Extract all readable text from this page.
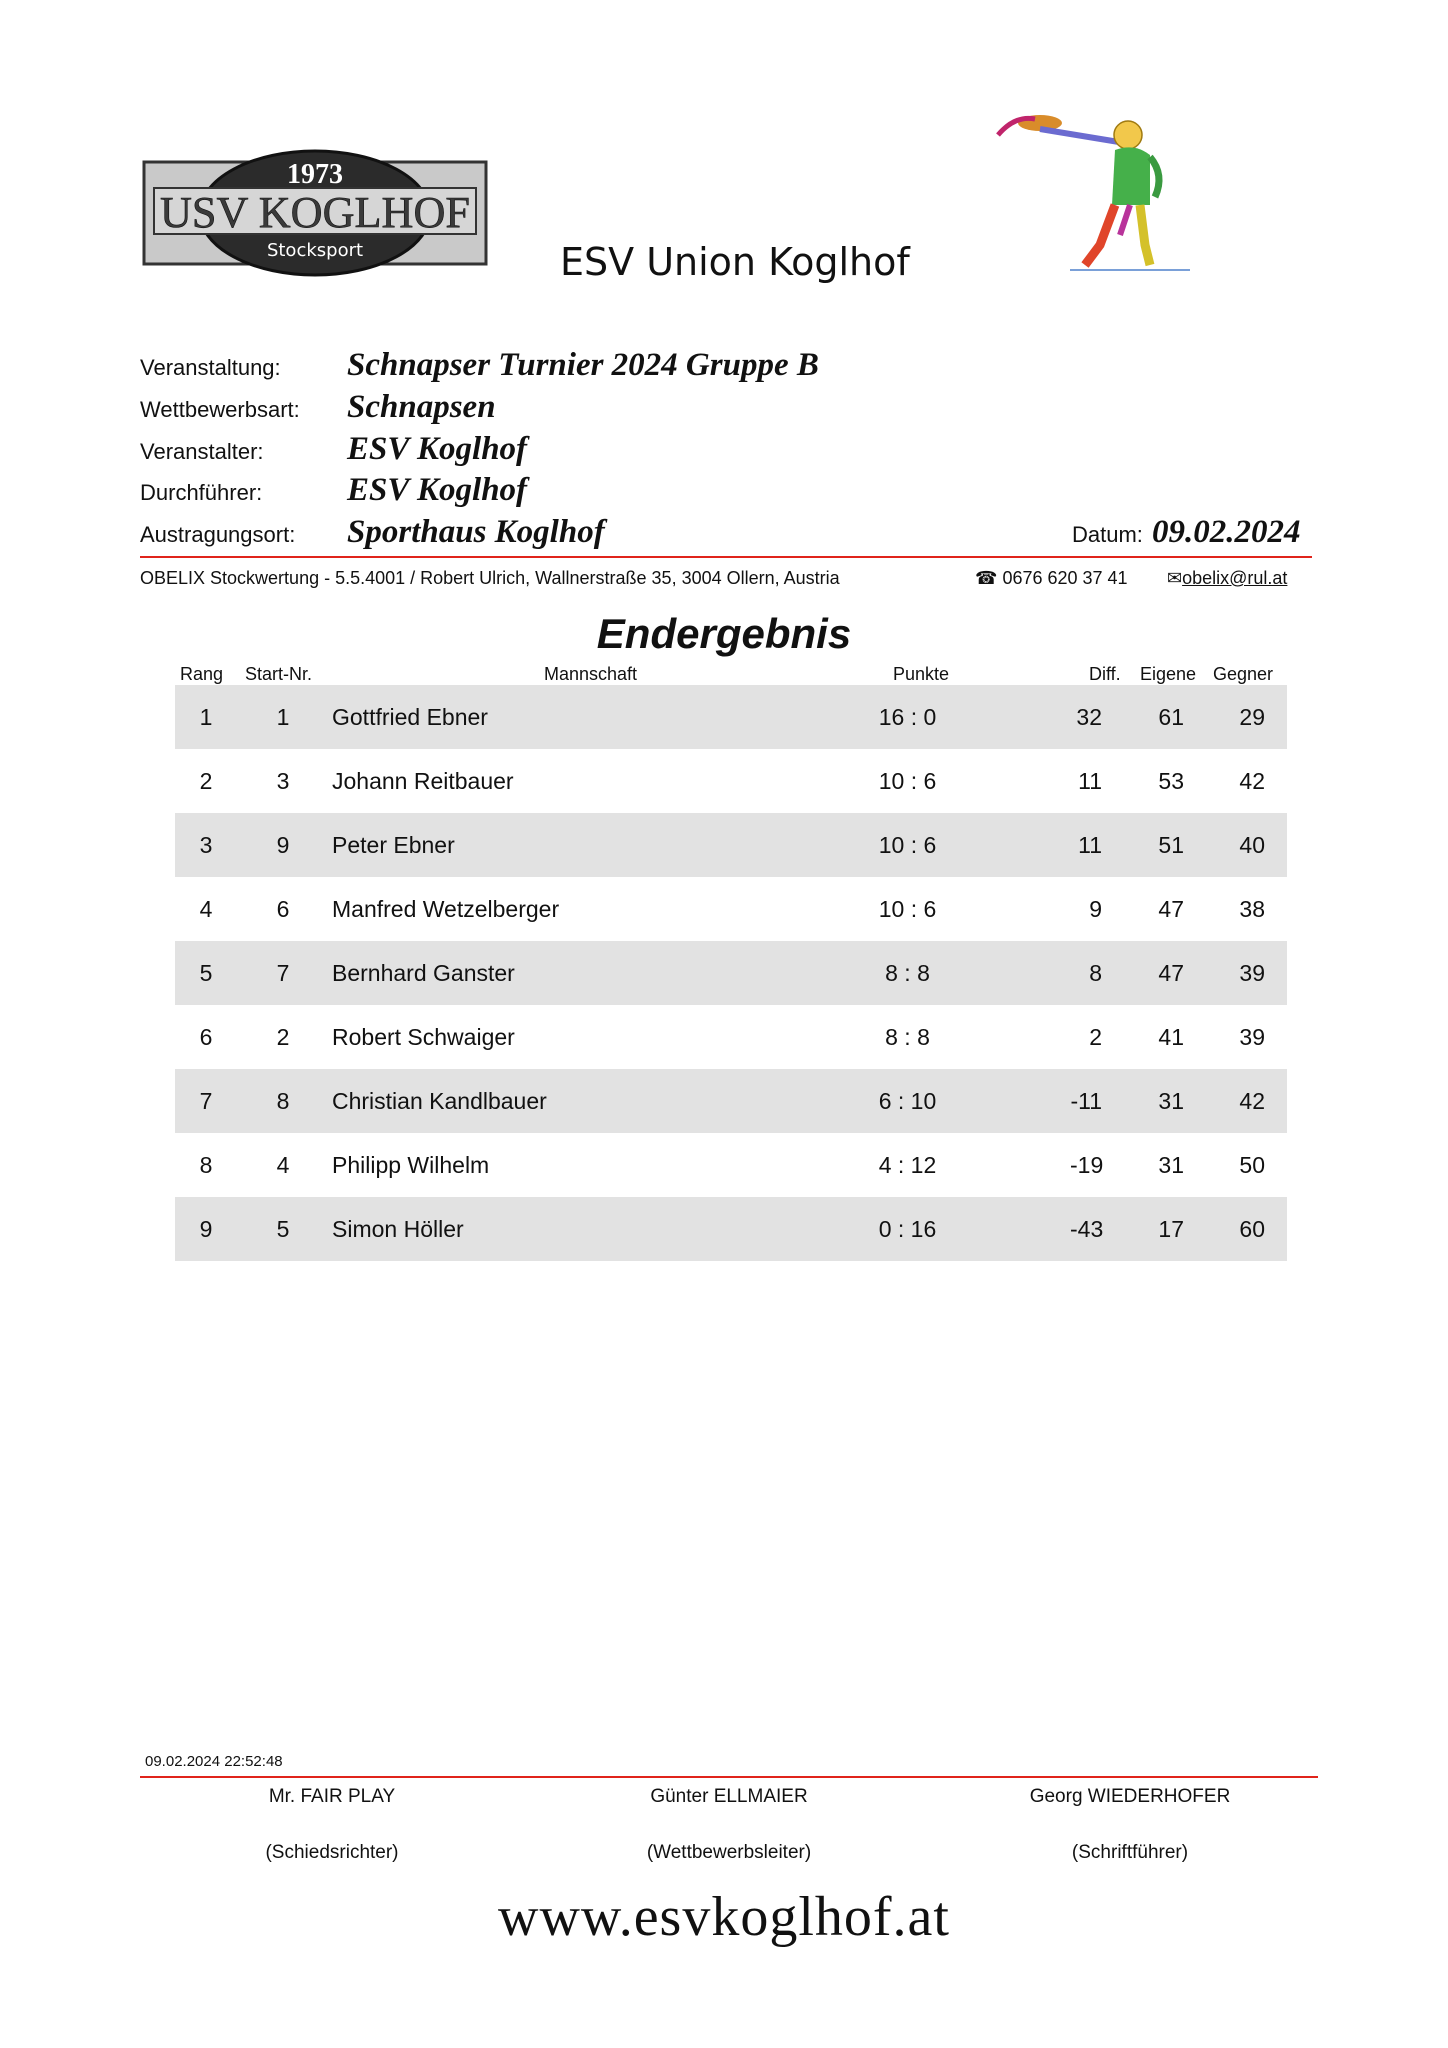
1973
USV KOGLHOF
Stocksport	ESV Union Koglhof
Veranstaltung: Schnapser Turnier 2024 Gruppe B
Wettbewerbsart: Schnapsen
Veranstalter:	ESV Koglhof
Durchführer:	ESV Koglhof
Austragungsort: Sporthaus Koglhof	Datum: 09.02.2024
OBELIX Stockwertung - 5.5.4001 / Robert Ulrich, Wallnerstraße 35, 3004 Ollern, Austria	☎ 0676 620 37 41 ✉obelix@rul.at
Endergebnis
Rang Start-Nr.	Mannschaft	Punkte	Diff. Eigene Gegner
1	1	Gottfried Ebner	16 : 0	32	61	29
2	3	Johann Reitbauer	10 : 6	11	53	42
3	9	Peter Ebner	10 : 6	11	51	40
4	6	Manfred Wetzelberger	10 : 6	9	47	38
5	7	Bernhard Ganster	8 : 8	8	47	39
6	2	Robert Schwaiger	8 : 8	2	41	39
7	8	Christian Kandlbauer	6 : 10	-11	31	42
8	4	Philipp Wilhelm	4 : 12	-19	31	50
9	5	Simon Höller	0 : 16	-43	17	60
09.02.2024 22:52:48
Mr. FAIR PLAY
(Schiedsrichter)
Günter ELLMAIER
(Wettbewerbsleiter)
Georg WIEDERHOFER
(Schriftführer)
www.esvkoglhof.at
